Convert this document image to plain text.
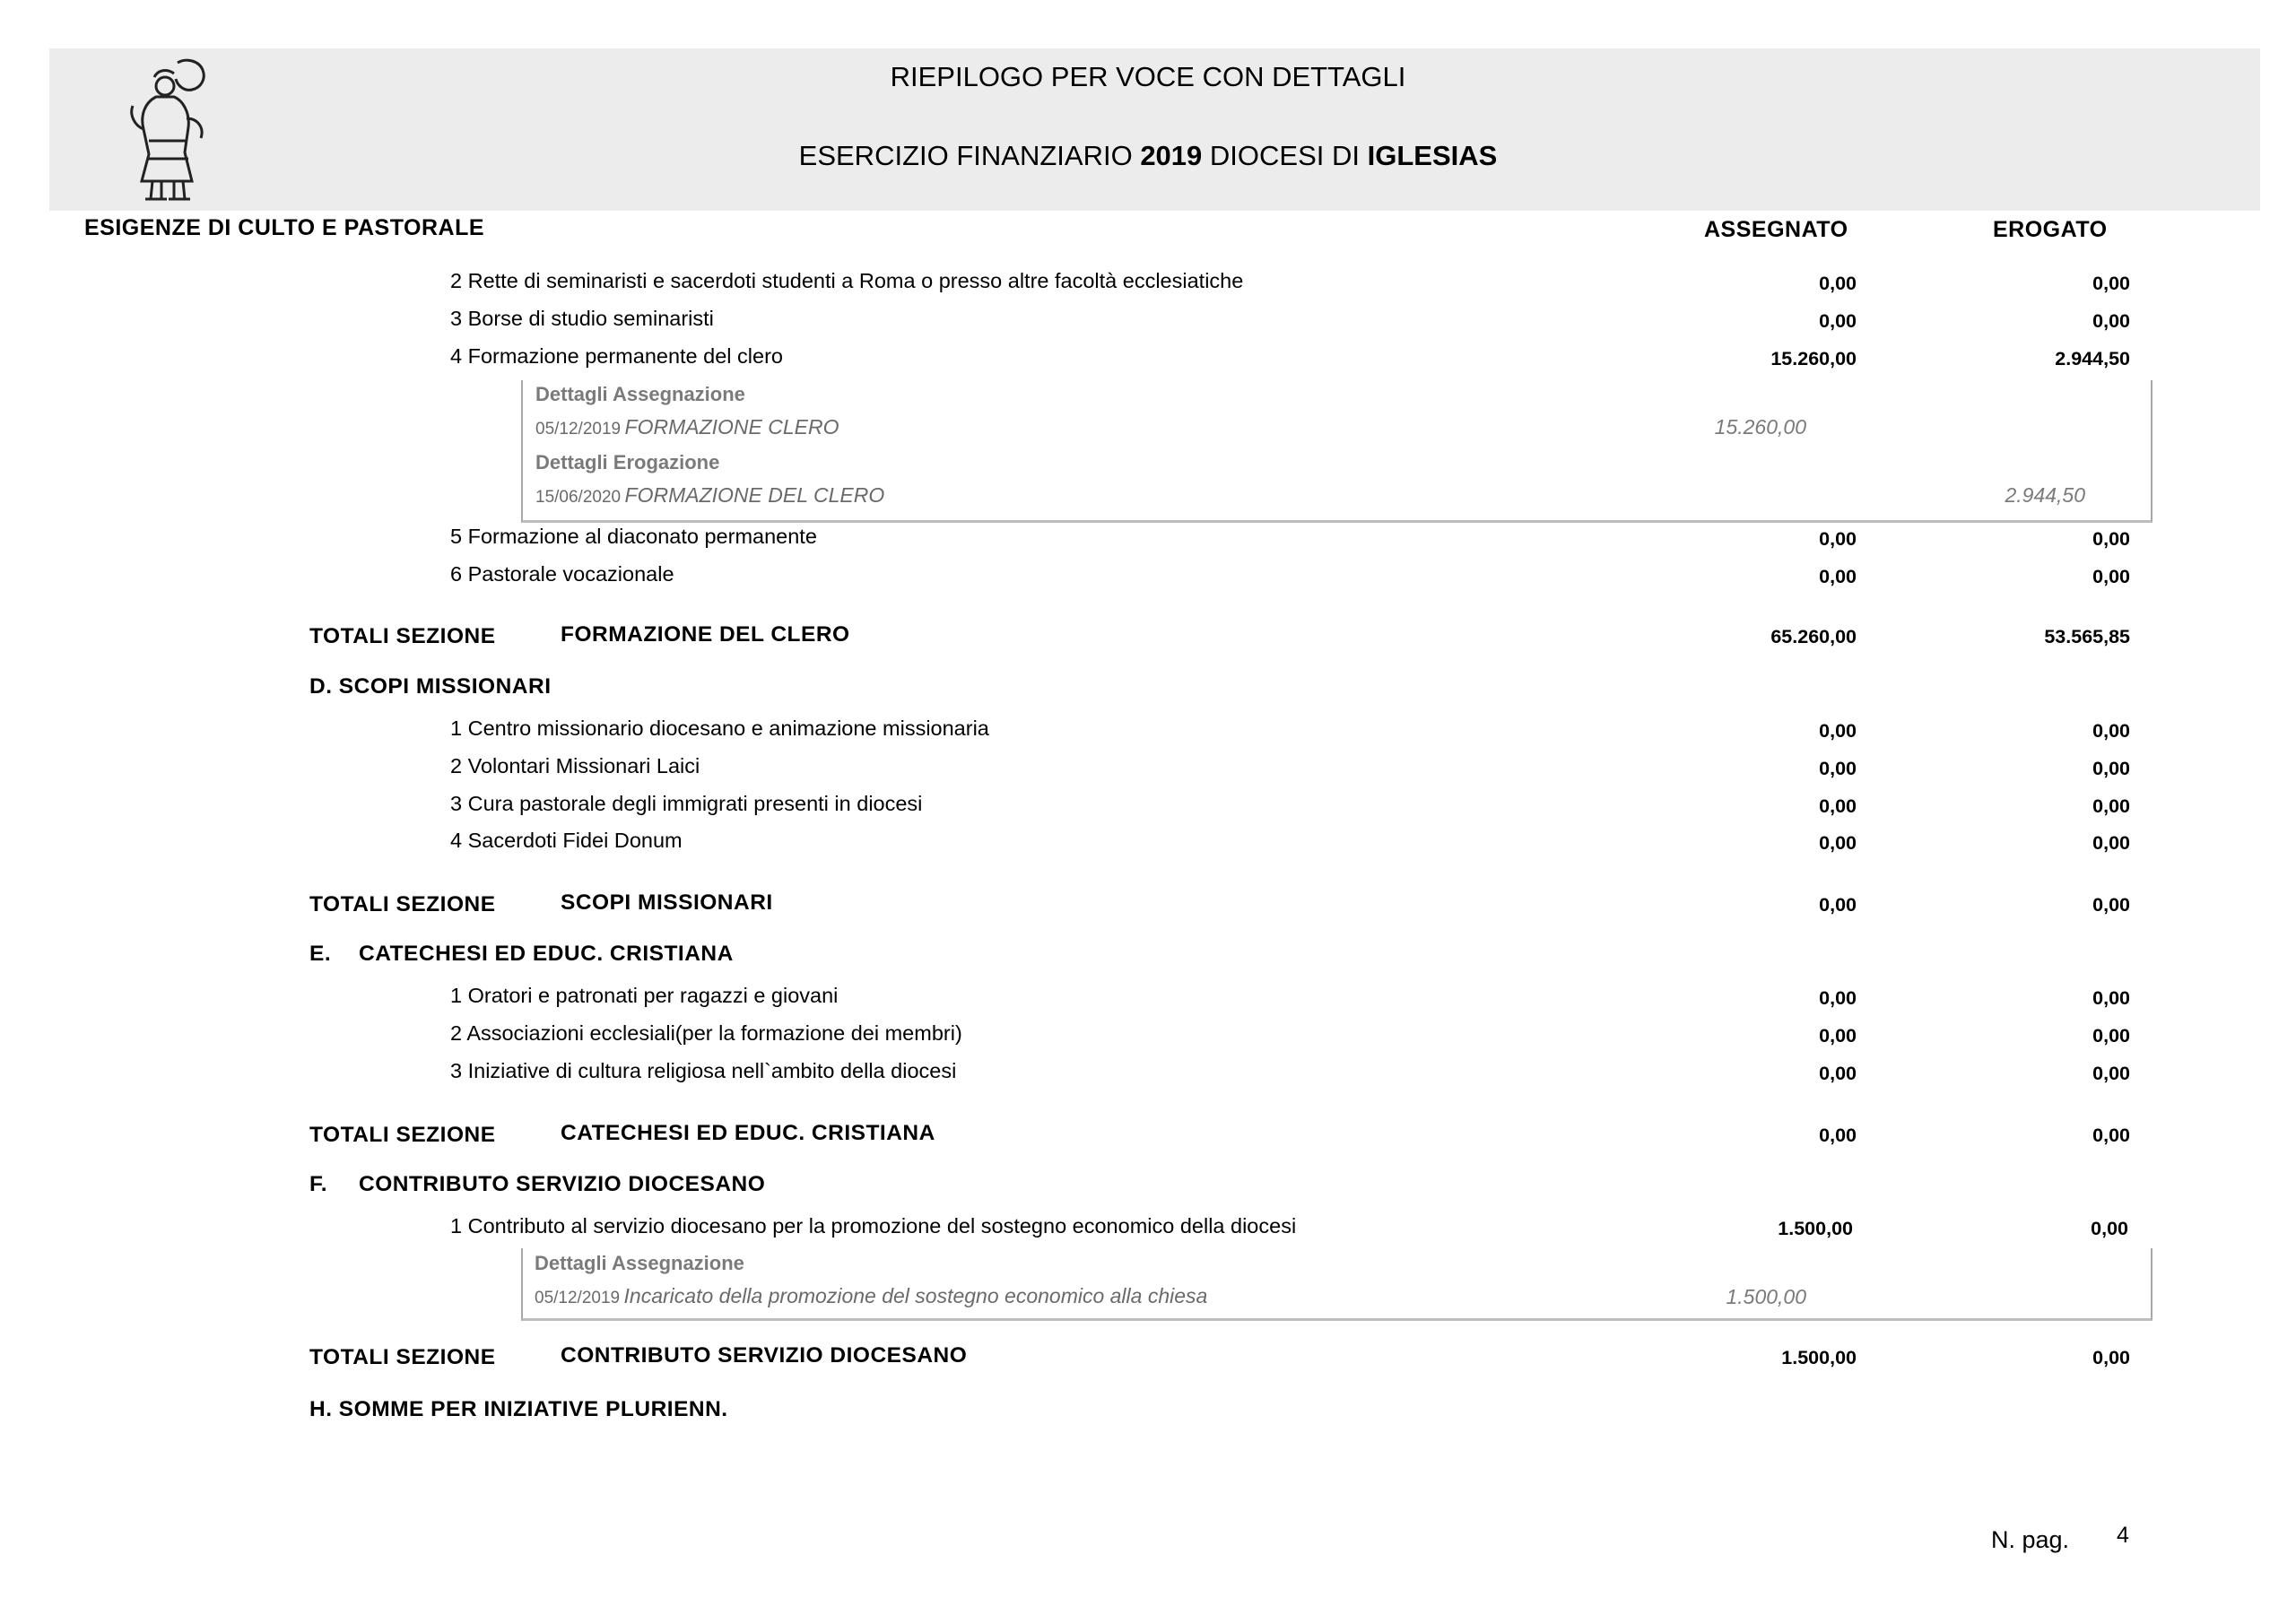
RIEPILOGO PER VOCE CON DETTAGLI
ESERCIZIO FINANZIARIO 2019 DIOCESI DI IGLESIAS
ESIGENZE DI CULTO E PASTORALE	ASSEGNATO	EROGATO
2 Rette di seminaristi e sacerdoti studenti a Roma o presso altre facoltà ecclesiatiche	0,00	0,00
3 Borse di studio seminaristi	0,00	0,00
4 Formazione permanente del clero	15.260,00	2.944,50
Dettagli Assegnazione
05/12/2019 FORMAZIONE CLERO	15.260,00
Dettagli Erogazione
15/06/2020 FORMAZIONE DEL CLERO	2.944,50
5 Formazione al diaconato permanente	0,00	0,00
6 Pastorale vocazionale	0,00	0,00
TOTALI SEZIONE	FORMAZIONE DEL CLERO	65.260,00	53.565,85
D. SCOPI MISSIONARI
1 Centro missionario diocesano e animazione missionaria	0,00	0,00
2 Volontari Missionari Laici	0,00	0,00
3 Cura pastorale degli immigrati presenti in diocesi	0,00	0,00
4 Sacerdoti Fidei Donum	0,00	0,00
TOTALI SEZIONE	SCOPI MISSIONARI	0,00	0,00
E. CATECHESI ED EDUC. CRISTIANA
1 Oratori e patronati per ragazzi e giovani	0,00	0,00
2 Associazioni ecclesiali(per la formazione dei membri)	0,00	0,00
3 Iniziative di cultura religiosa nell`ambito della diocesi	0,00	0,00
TOTALI SEZIONE	CATECHESI ED EDUC. CRISTIANA	0,00	0,00
F. CONTRIBUTO SERVIZIO DIOCESANO
1 Contributo al servizio diocesano per la promozione del sostegno economico della diocesi	1.500,00	0,00
Dettagli Assegnazione
05/12/2019 Incaricato della promozione del sostegno economico alla chiesa	1.500,00
TOTALI SEZIONE	CONTRIBUTO SERVIZIO DIOCESANO	1.500,00	0,00
H. SOMME PER INIZIATIVE PLURIENN.
N. pag. 4
